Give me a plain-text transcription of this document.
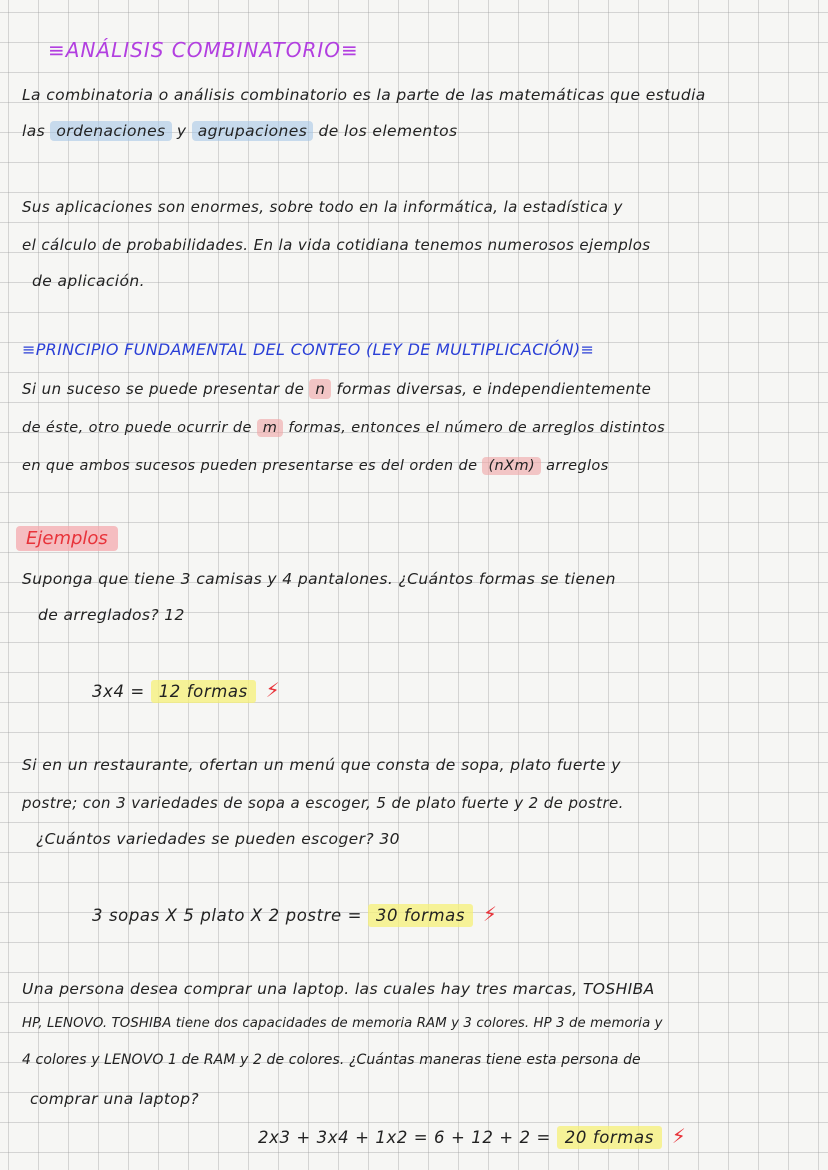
≡ANÁLISIS COMBINATORIO≡
La combinatoria o análisis combinatorio es la parte de las matemáticas que estudia
las ordenaciones y agrupaciones de los elementos
Sus aplicaciones son enormes, sobre todo en la informática, la estadística y
el cálculo de probabilidades. En la vida cotidiana tenemos numerosos ejemplos
de aplicación.
≡PRINCIPIO FUNDAMENTAL DEL CONTEO (LEY DE MULTIPLICACIÓN)≡
Si un suceso se puede presentar de n formas diversas, e independientemente
de éste, otro puede ocurrir de m formas, entonces el número de arreglos distintos
en que ambos sucesos pueden presentarse es del orden de (nXm) arreglos
Ejemplos
Suponga que tiene 3 camisas y 4 pantalones. ¿Cuántos formas se tienen
de arreglados? 12
3x4 = 12 formas ⚡
Si en un restaurante, ofertan un menú que consta de sopa, plato fuerte y
postre; con 3 variedades de sopa a escoger, 5 de plato fuerte y 2 de postre.
¿Cuántos variedades se pueden escoger? 30
3 sopas X 5 plato X 2 postre = 30 formas ⚡
Una persona desea comprar una laptop. las cuales hay tres marcas, TOSHIBA
HP, LENOVO. TOSHIBA tiene dos capacidades de memoria RAM y 3 colores. HP 3 de memoria y
4 colores y LENOVO 1 de RAM y 2 de colores. ¿Cuántas maneras tiene esta persona de
comprar una laptop?
2x3 + 3x4 + 1x2 = 6 + 12 + 2 = 20 formas ⚡
